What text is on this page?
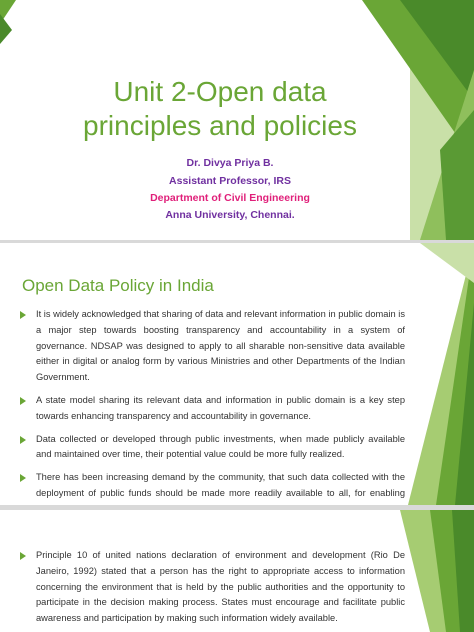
Unit 2-Open data
principles and policies
Dr. Divya Priya B.
Assistant Professor, IRS
Department of Civil Engineering
Anna University, Chennai.
Open Data Policy in India
It is widely acknowledged that sharing of data and relevant information in public domain is a major step towards boosting transparency and accountability in a system of governance. NDSAP was designed to apply to all sharable non-sensitive data available either in digital or analog form by various Ministries and other Departments of the Indian Government.
A state model sharing its relevant data and information in public domain is a key step towards enhancing transparency and accountability in governance.
Data collected or developed through public investments, when made publicly available and maintained over time, their potential value could be more fully realized.
There has been increasing demand by the community, that such data collected with the deployment of public funds should be made more readily available to all, for enabling
Principle 10 of united nations declaration of environment and development (Rio De Janeiro, 1992) stated that a person has the right to appropriate access to information concerning the environment that is held by the public authorities and the opportunity to participate in the decision making process. States must encourage and facilitate public awareness and participation by making such information widely available.
